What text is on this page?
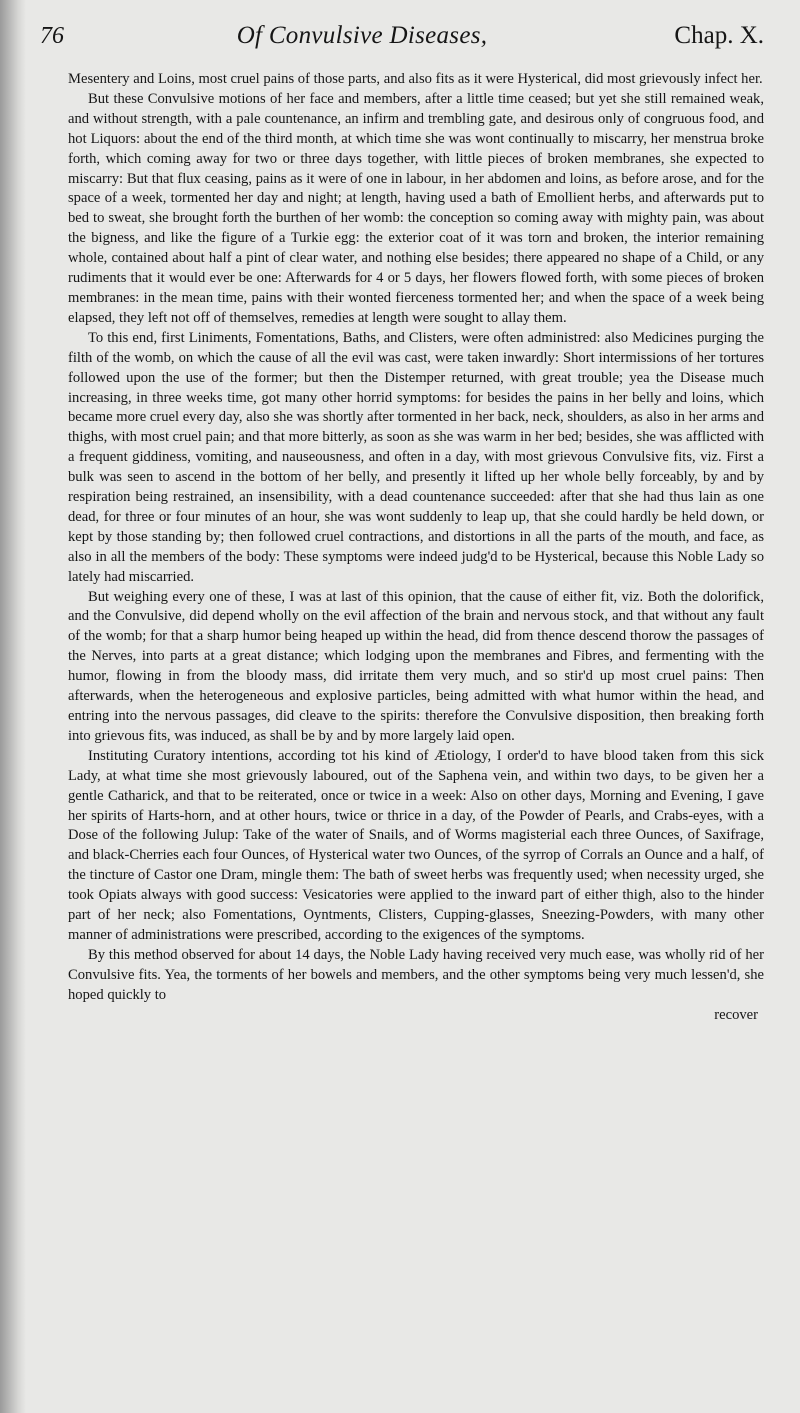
76	Of Convulsive Diseases,	Chap. X.

Mesentery and Loins, most cruel pains of those parts, and also fits as it were Hysterical, did most grievously infect her.

But these Convulsive motions of her face and members, after a little time ceased; but yet she still remained weak, and without strength, with a pale countenance, an infirm and trembling gate, and desirous only of congruous food, and hot Liquors: about the end of the third month, at which time she was wont continually to miscarry, her menstrua broke forth, which coming away for two or three days together, with little pieces of broken membranes, she expected to miscarry: But that flux ceasing, pains as it were of one in labour, in her abdomen and loins, as before arose, and for the space of a week, tormented her day and night; at length, having used a bath of Emollient herbs, and afterwards put to bed to sweat, she brought forth the burthen of her womb: the conception so coming away with mighty pain, was about the bigness, and like the figure of a Turkie egg: the exterior coat of it was torn and broken, the interior remaining whole, contained about half a pint of clear water, and nothing else besides; there appeared no shape of a Child, or any rudiments that it would ever be one: Afterwards for 4 or 5 days, her flowers flowed forth, with some pieces of broken membranes: in the mean time, pains with their wonted fierceness tormented her; and when the space of a week being elapsed, they left not off of themselves, remedies at length were sought to allay them.

To this end, first Liniments, Fomentations, Baths, and Clisters, were often administred: also Medicines purging the filth of the womb, on which the cause of all the evil was cast, were taken inwardly: Short intermissions of her tortures followed upon the use of the former; but then the Distemper returned, with great trouble; yea the Disease much increasing, in three weeks time, got many other horrid symptoms: for besides the pains in her belly and loins, which became more cruel every day, also she was shortly after tormented in her back, neck, shoulders, as also in her arms and thighs, with most cruel pain; and that more bitterly, as soon as she was warm in her bed; besides, she was afflicted with a frequent giddiness, vomiting, and nauseousness, and often in a day, with most grievous Convulsive fits, viz. First a bulk was seen to ascend in the bottom of her belly, and presently it lifted up her whole belly forceably, by and by respiration being restrained, an insensibility, with a dead countenance succeeded: after that she had thus lain as one dead, for three or four minutes of an hour, she was wont suddenly to leap up, that she could hardly be held down, or kept by those standing by; then followed cruel contractions, and distortions in all the parts of the mouth, and face, as also in all the members of the body: These symptoms were indeed judg'd to be Hysterical, because this Noble Lady so lately had miscarried.

But weighing every one of these, I was at last of this opinion, that the cause of either fit, viz. Both the dolorifick, and the Convulsive, did depend wholly on the evil affection of the brain and nervous stock, and that without any fault of the womb; for that a sharp humor being heaped up within the head, did from thence descend thorow the passages of the Nerves, into parts at a great distance; which lodging upon the membranes and Fibres, and fermenting with the humor, flowing in from the bloody mass, did irritate them very much, and so stir'd up most cruel pains: Then afterwards, when the heterogeneous and explosive particles, being admitted with what humor within the head, and entring into the nervous passages, did cleave to the spirits: therefore the Convulsive disposition, then breaking forth into grievous fits, was induced, as shall be by and by more largely laid open.

Instituting Curatory intentions, according tot his kind of Ætiology, I order'd to have blood taken from this sick Lady, at what time she most grievously laboured, out of the Saphena vein, and within two days, to be given her a gentle Catharick, and that to be reiterated, once or twice in a week: Also on other days, Morning and Evening, I gave her spirits of Harts-horn, and at other hours, twice or thrice in a day, of the Powder of Pearls, and Crabs-eyes, with a Dose of the following Julup: Take of the water of Snails, and of Worms magisterial each three Ounces, of Saxifrage, and black-Cherries each four Ounces, of Hysterical water two Ounces, of the syrrop of Corrals an Ounce and a half, of the tincture of Castor one Dram, mingle them: The bath of sweet herbs was frequently used; when necessity urged, she took Opiats always with good success: Vesicatories were applied to the inward part of either thigh, also to the hinder part of her neck; also Fomentations, Oyntments, Clisters, Cupping-glasses, Sneezing-Powders, with many other manner of administrations were prescribed, according to the exigences of the symptoms.

By this method observed for about 14 days, the Noble Lady having received very much ease, was wholly rid of her Convulsive fits. Yea, the torments of her bowels and members, and the other symptoms being very much lessen'd, she hoped quickly to

recover
